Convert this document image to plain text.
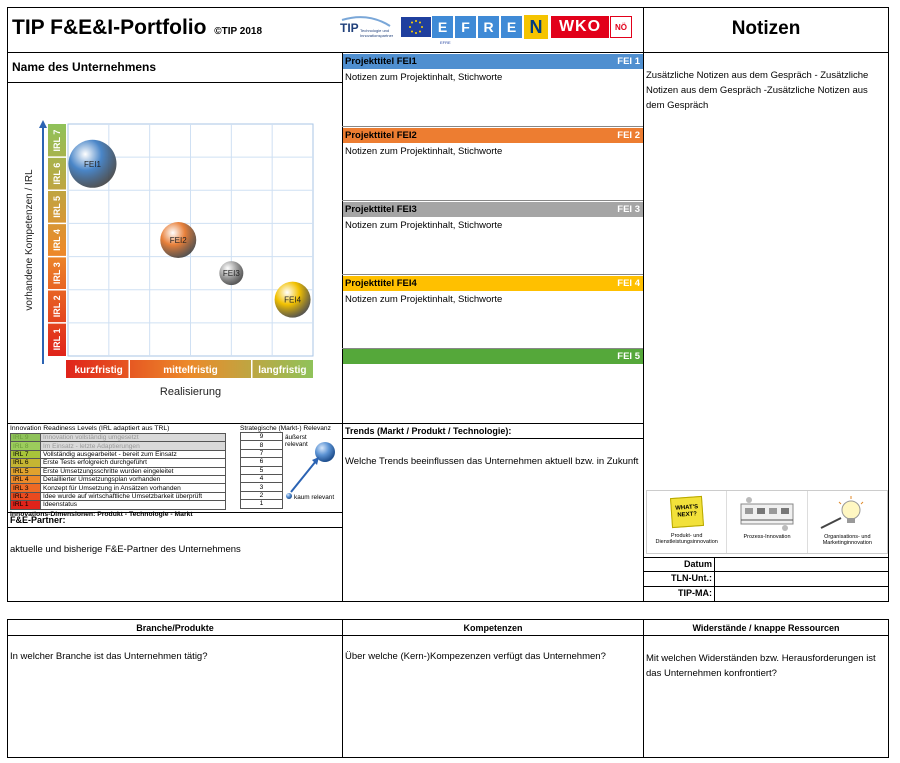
TIP F&E&I-Portfolio ©TIP 2018	TIP Technologie und
Innovationspartner
E	F R E
EFRE
N	WKO	NÖ	Notizen
Name des Unternehmens
IRL 1
IRL 2
IRL 3
IRL 4
IRL 5
IRL 6
IRL 7
kurzfristig	mittelfristig	langfristig
vorhandene Kompetenzen / IRL
Realisierung
FEI1
FEI2
FEI3
FEI4
Innovation Readiness Levels (IRL adaptiert aus TRL)
IRL 9	Innovation vollständig umgesetzt
IRL 8	Im Einsatz - letzte Adaptierungen
IRL 7	Vollständig ausgearbeitet - bereit zum Einsatz
IRL 6	Erste Tests erfolgreich durchgeführt
IRL 5	Erste Umsetzungsschritte wurden eingeleitet
IRL 4	Detaillierter Umsetzungsplan vorhanden
IRL 3	Konzept für Umsetzung in Ansätzen vorhanden
IRL 2	Idee wurde auf wirtschaftliche Umsetzbarkeit überprüft
IRL 1	Ideenstatus
Innovations-Dimensionen: Produkt - Technologie - Markt
Strategische (Markt-) Relevanz
9
8
7
6
5
4
3
2
1
äußerst relevant
kaum relevant
F&E-Partner:
aktuelle und bisherige F&E-Partner des Unternehmens
Projekttitel FEI1	FEI 1
Notizen zum Projektinhalt, Stichworte
Projekttitel FEI2	FEI 2
Notizen zum Projektinhalt, Stichworte
Projekttitel FEI3	FEI 3
Notizen zum Projektinhalt, Stichworte
Projekttitel FEI4	FEI 4
Notizen zum Projektinhalt, Stichworte
FEI 5
Trends (Markt / Produkt / Technologie):
Welche Trends beeinflussen das Unternehmen aktuell bzw. in Zukunft
Zusätzliche Notizen aus dem Gespräch - Zusätzliche Notizen aus dem Gespräch -Zusätzliche Notizen aus dem Gespräch
WHAT'S NEXT?
Produkt- und Dienstleistungsinnovation
Prozess-Innovation	Organisations- und Marketinginnovation
Datum
TLN-Unt.:
TIP-MA:
Branche/Produkte	Kompetenzen	Widerstände / knappe Ressourcen
In welcher Branche ist das Unternehmen tätig?	Über welche (Kern-)Kompezenzen verfügt das Unternehmen?	Mit welchen Widerständen bzw. Herausforderungen ist das Unternehmen konfrontiert?
